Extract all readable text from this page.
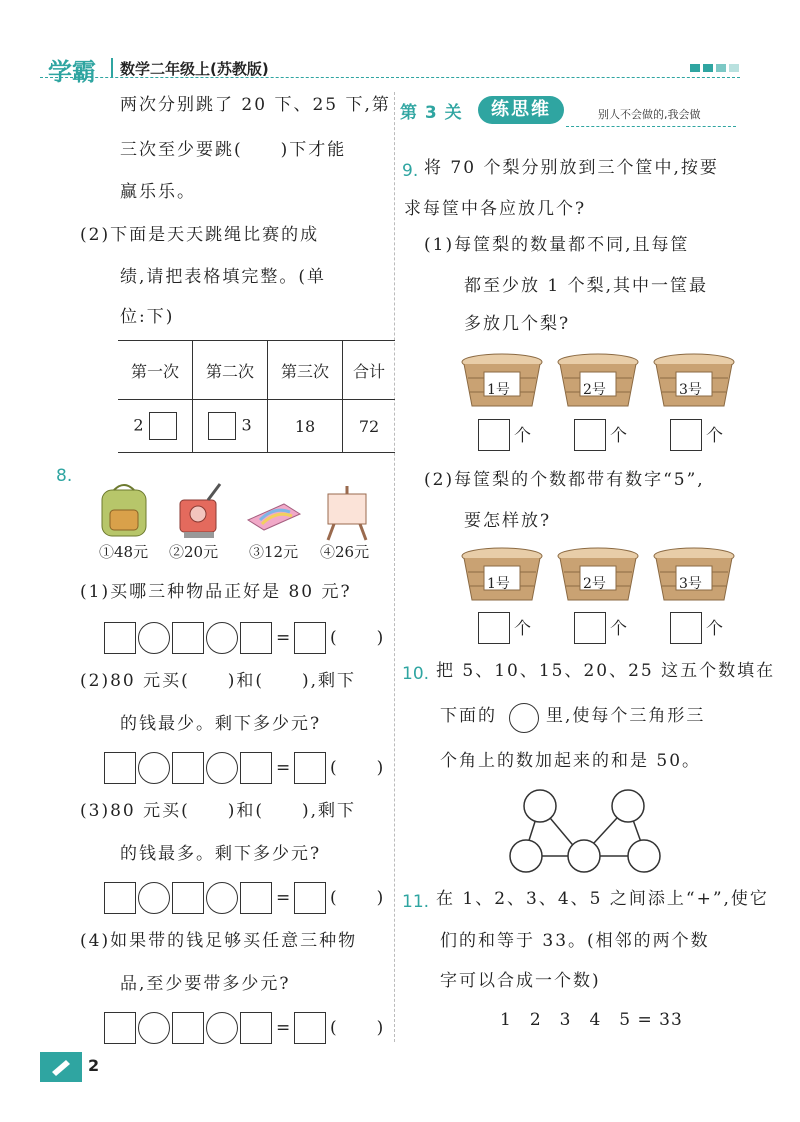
学霸 数学二年级上(苏教版)
两次分别跳了 20 下、25 下,第
三次至少要跳(　　)下才能
赢乐乐。
(2)下面是天天跳绳比赛的成
绩,请把表格填完整。(单
位:下)
第一次	第二次	第三次	合计
2	3	18	72
8.
①48元 ②20元 ③12元 ④26元
(1)买哪三种物品正好是 80 元?
= (　　)
(2)80 元买(　　)和(　　),剩下
的钱最少。剩下多少元?
= (　　)
(3)80 元买(　　)和(　　),剩下
的钱最多。剩下多少元?
= (　　)
(4)如果带的钱足够买任意三种物
品,至少要带多少元?
= (　　)
第 3 关	练思维	别人不会做的,我会做
9. 将 70 个梨分别放到三个筐中,按要
求每筐中各应放几个?
(1)每筐梨的数量都不同,且每筐
都至少放 1 个梨,其中一筐最
多放几个梨?
1号	2号	3号
个	个	个
(2)每筐梨的个数都带有数字“5”,
要怎样放?
1号	2号	3号
个	个	个
10. 把 5、10、15、20、25 这五个数填在
下面的	里,使每个三角形三
个角上的数加起来的和是 50。
11. 在 1、2、3、4、5 之间添上“+”,使它
们的和等于 33。(相邻的两个数
字可以合成一个数)
1　2　3　4　5 = 33
2
